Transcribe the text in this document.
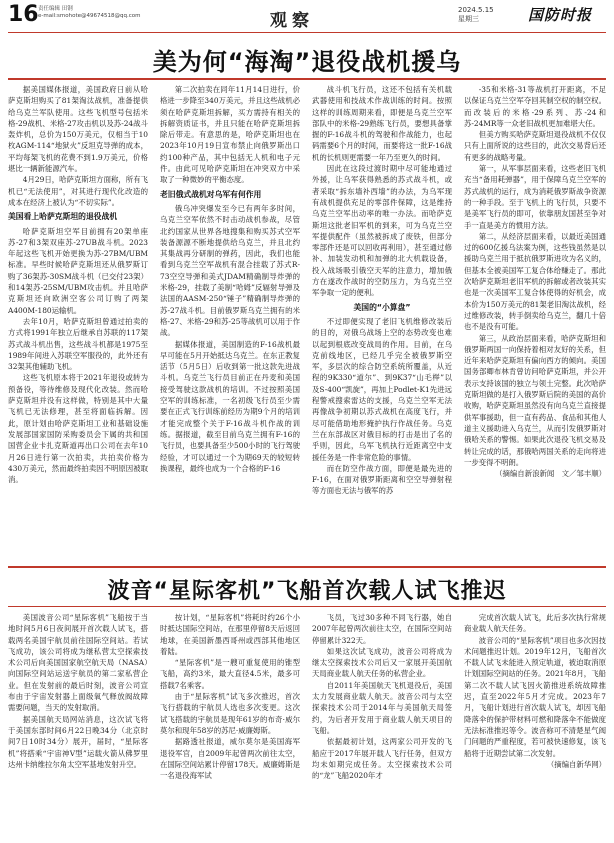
16 责任编辑 田钢
e-mail:smohote@49674518@qq.com	观察
2024.5.15
星期三	国防时报
美为何“海淘”退役战机援乌

据美国媒体报道，美国政府日前从哈萨克斯坦购买了81架淘汰战机，准备提供给乌克兰军队使用。这些飞机型号包括米格-29战机、米格-27攻击机以及苏-24战斗轰炸机，总价为150万美元，仅相当于10枚AGM-114“地狱火”反坦克导弹的成本，平均每架飞机的花费不到1.9万美元，价格堪比一辆新能源汽车。

4月29日，哈萨克斯坦方面称，所有飞机已“无法使用”，对其进行现代化改造的成本在经济上被认为“不切实际”。

美国看上哈萨克斯坦的退役战机

哈萨克斯坦空军目前拥有20架单座苏-27和3架双座苏-27UB战斗机。2023年起这些飞机开始更换为苏-27BM/UBM标准。早些时候哈萨克斯坦还从俄罗斯订购了36架苏-30SM战斗机（已交付23架）和14架苏-25SM/UBM攻击机。并且哈萨克斯坦还向欧洲空客公司订购了两架A400M-180运输机。

去年10月，哈萨克斯坦曾通过拍卖的方式将1991年独立后继承自苏联的117架苏式战斗机出售，这些战斗机都是1975至1989年间进入苏联空军服役的，此外还有32架其他辅助飞机。

这些飞机原本将于2021年退役或转为预备役，等待维修及现代化改装。然而哈萨克斯坦并没有这样做，特别是其中大量飞机已无法修理，甚至将面临拆解。因此，原计划由哈萨克斯坦工业和基础设施发展部国家国防采购委员会下属的共和国国营企业卡扎克斯道再出口公司在去年10月26日进行第一次拍卖，共拍卖价格为430万美元，然而最终拍卖因不明原因被取消。

第二次拍卖在同年11月14日进行，价格进一步降至340万美元，并且这些战机必须在哈萨克斯坦拆解，买方需持有相关的拆解资质证书，并且只能在哈萨克斯坦拆除后带走。有意思的是，哈萨克斯坦也在2023年10月19日宣布禁止向俄罗斯出口约100种产品，其中包括无人机和电子元件。由此可见哈萨克斯坦在冲突双方中采取了一种微妙的平衡态度。

老旧俄式战机对乌军有何作用

俄乌冲突爆发至今已有两年多时间，乌克兰空军依然不时击动战机参战，尽管北约国家从世界各地搜集和购买苏式空军装备源源不断地提供给乌克兰，并且北约其集战再分研制的弹药，因此，我们也能看到乌克兰空军战机有混合挂载了苏式R-73空空导弹和美式JDAM精确制导炸弹的米格-29，挂载了美制“哈姆”反辐射导弹及法国的AASM-250“锤子”精确制导炸弹的苏-27战斗机。目前俄罗斯乌克兰拥有的米格-27、米格-29和苏-25等战机可以用于作战。

据媒体报道，美国制造的F-16战机最早可能在5月开始抵达乌克兰。在东正教复活节（5月5日）后收到第一批这款先进战斗机。乌克兰飞行员目前正在丹麦和美国接受驾驶这款战机的培训。不过按照美国空军的训练标准，一名初级飞行员至少需要在正式飞行训练前经历为期9个月的培训才能完成整个关于F-16战斗机作战的训练。据报道，截至目前乌克兰拥有F-16的飞行员，也要具备至少500小时的飞行驾驶经验，才可以通过一个为期69天的较短转换课程，最终也成为一个合格的F-16

战斗机飞行员，这还不包括有关机载武器使用和技战术作战训练的时间。按照这样的训练周期来看，即便是乌克兰空军部队中的米格-29熟练飞行员，要想具备掌握的F-16战斗机的驾驶和作战能力，也起码需要6个月的时间，而要将这一批F-16战机的长机则更需要一年乃至更久的时间。

因此在这段过渡时期中尽可能地通过外援，让乌军获得熟悉的苏式战斗机，或者采取“拆东墙补西墙”的办法，为乌军现有战机提供充足的零部件保障，这是维持乌克兰空军出动率的唯一办法。而哈萨克斯坦这批老旧军机的到来，可为乌克兰空军提供配件（虽然被拆成了废铁，但部分零部件还是可以回收再利用），甚至通过修补、加装发动机和加弹的北大机载设备，投入战场吸引俄空天军的注意力，增加俄方在遂改作战时的空防压力，为乌克兰空军争取一定的便利。

美国的“小算盘”

不过即便实现了老旧飞机维修改装后的目的，对俄乌战场上空的态势改变也难以起到根底改变战局的作用。目前，在乌克前线地区，已经几乎完全被俄罗斯空军，多层次的综合防空系统所覆盖，从近程的9K330“道尔”、到9K37“山毛榉”以及S-400“凯旋”，再加上Podlet-K1先进远程警戒搜索雷达的支援，乌克兰空军无法再像战争初期以苏式战机在高度飞行，并尽可能借助地形掩护执行作战任务。乌克兰在东部战区对俄目标的打击是出了名的乎则，因此，乌军飞机执行近距离空中支援任务是一件非常危险的事情。

而在防空作战方面，即便是最先进的F-16，在面对俄罗斯距离和空空导弹射程等方面也无法与俄军的苏

-35和米格-31等战机打开距离，不足以保证乌克兰空军夺回其制空权的制空权。而改装后的米格-29系列、苏-24和苏-24MR等一众老旧战机更加难堪大任。

但美方购买哈萨克斯坦退役战机不仅仅只有上面所说的这些目的，此次交易背后还有更多的战略考量。

第一，从军事层面来看，这些老旧飞机充当“备用耗弹器”，用于保障乌克兰空军的苏式战机的运行，成为消耗俄罗斯战争资源的一种手段。至于飞机上的飞行员，只要不是美军飞行员的即可，依靠朋友国甚至争对手一直是美方的惯用方法。

第二，从经济层面来看，以最近美国通过的600亿援乌法案为例，这些钱虽然是以援助乌克兰用于抵抗俄罗斯进攻为名义的，但基本全被美国军工复合体给赚走了。那此次哈萨克斯坦老旧军机的拆解或者改装其实也是一次美国军工复合体使得的好机会，成本价为150万美元的81架老旧淘汰战机，经过维修改装，转手倒卖给乌克兰，翻几十倍也不是没有可能。

第三，从政治层面来看，哈萨克斯坦和俄罗斯两国一向保持着相对友好的关系，但近年来哈萨克斯坦有偏向西方的倾向。美国国务部卿布林肯曾访问哈萨克斯坦，并公开表示支持该国的独立与领土完整。此次哈萨克斯坦做的是打入俄罗斯后院的美国的高价收购，哈萨克斯坦虽然没有向乌克兰直接提供军事援助，但一直有药品、食品和其他人道主义援助进入乌克兰，从而引发俄罗斯对俄哈关系的警惕。如果此次退役飞机交易及转让完成的话，那俄哈两国关系的走向将进一步变得不明朗。

（摘编自新浪新闻　文／邹丰顺）

波音“星际客机”飞船首次载人试飞推迟

美国波音公司“星际客机”飞船按于当地时间5月6日夜间展开首次载人试飞，搭载两名美国宇航员前往国际空间站。若试飞成功，该公司将成为继私营太空探索技术公司后向美国国家航空航天局（NASA）向国际空间站运送宇航员的第二家私营企业。但在发射前的最后时刻，波音公司宣布由于宇宙发射器上面级氧气释放阀故障需要问题，当天的发射取消。

据美国航天局网站消息，这次试飞将于美国东部时间6月22日晚34分（北京时间7日10时34分）展开，届时，“星际客机”将搭乘“宇宙神V型”运载火箭从佛罗里达州卡纳维拉尔角太空军基地发射升空。

按计划，“星际客机”将耗时约26个小时抵达国际空间站，在那里停留8天后返回地球，在美国新墨西哥州或西部其他地区着陆。

“星际客机”是一艘可重复使用的锥型飞船，高约3米，最大直径4.5米，最多可搭载7名乘客。

由于“星际客机”试飞多次推迟，首次飞行搭载的宇航员人选也多次变更。这次试飞搭载的宇航员是现年61岁的布奇·威尔莫尔和现年58岁的苏尼·威廉姆斯。

据路透社报道，威尔莫尔是美国海军退役军官，自2009年起曾两次前往太空，在国际空间站累计停留178天。威廉姆斯是一名退役海军试

飞员，飞过30多种不同飞行器，她自2007年起曾两次前往太空，在国际空间站停留累计322天。

如果这次试飞成功，波音公司将成为继太空探索技术公司后又一家展开美国航天局商业载人航天任务的私营企业。

自2011年美国航天飞机退役后，美国太力发展商业载人航天。波音公司与太空探索技术公司于2014年与美国航天局签约，为后者开发用于商业载人航天项目的飞船。

依据最初计划，这两家公司开发的飞船应于2017年展开载人飞行任务，但双方均未如期完成任务。太空探索技术公司的“龙”飞船2020年才

完成首次载人试飞，此后多次执行常规商业载人航天任务。

波音公司的“星际客机”项目也多次因技术问题推迟计划。2019年12月，飞船首次不载人试飞未能进入预定轨道，被迫取消原计划国际空间站的任务。2021年8月，飞船第二次不载人试飞因火箭推进系统故障推迟，直至2022年5月才完成。2023年7月，飞船计划进行首次载人试飞，却因飞船降落伞的保护带材料可燃和降落伞不能做度无法标准推迟等令。波音称可不清楚星气阀门问题的严重程度，若可被快速修复，该飞船将于近期尝试第二次发射。

（摘编自新华网）
